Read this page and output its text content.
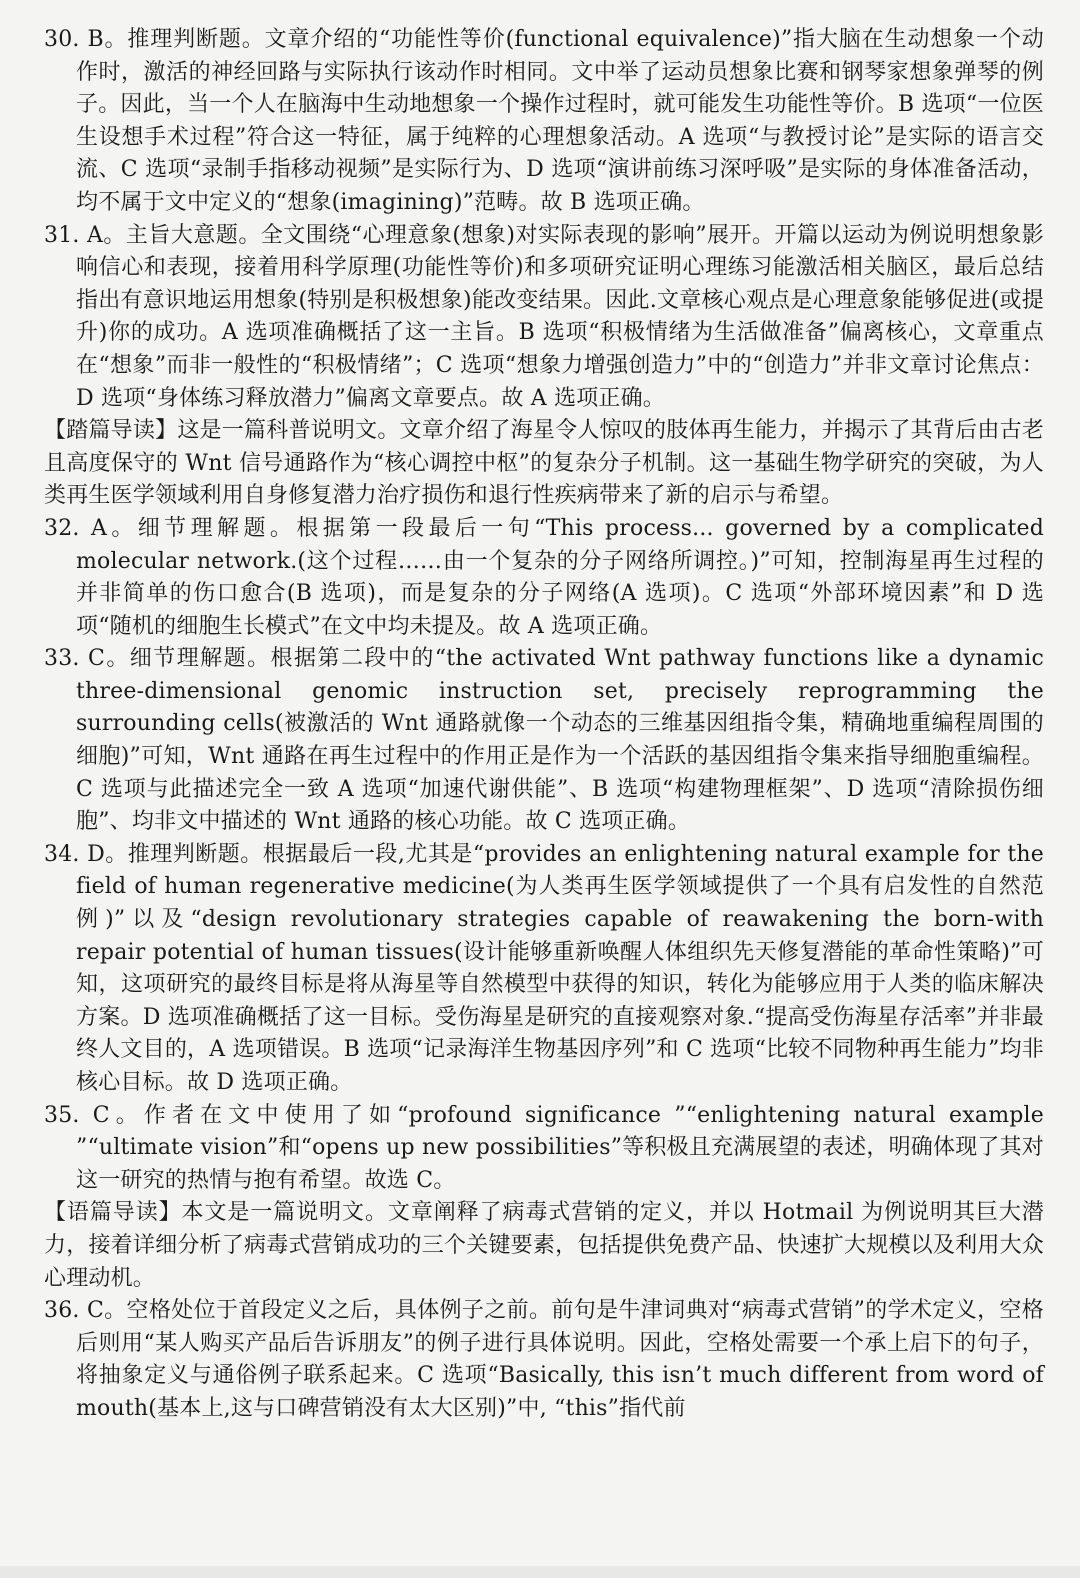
30. B。推理判断题。文章介绍的“功能性等价(functional equivalence)”指大脑在生动想象一个动作时，激活的神经回路与实际执行该动作时相同。文中举了运动员想象比赛和钢琴家想象弹琴的例子。因此，当一个人在脑海中生动地想象一个操作过程时，就可能发生功能性等价。B 选项“一位医生设想手术过程”符合这一特征，属于纯粹的心理想象活动。A 选项“与教授讨论”是实际的语言交流、C 选项“录制手指移动视频”是实际行为、D 选项“演讲前练习深呼吸”是实际的身体准备活动，均不属于文中定义的“想象(imagining)”范畴。故 B 选项正确。

31. A。主旨大意题。全文围绕“心理意象(想象)对实际表现的影响”展开。开篇以运动为例说明想象影响信心和表现，接着用科学原理(功能性等价)和多项研究证明心理练习能激活相关脑区，最后总结指出有意识地运用想象(特别是积极想象)能改变结果。因此.文章核心观点是心理意象能够促进(或提升)你的成功。A 选项准确概括了这一主旨。B 选项“积极情绪为生活做准备”偏离核心，文章重点在“想象”而非一般性的“积极情绪”；C 选项“想象力增强创造力”中的“创造力”并非文章讨论焦点：D 选项“身体练习释放潜力”偏离文章要点。故 A 选项正确。

【踏篇导读】这是一篇科普说明文。文章介绍了海星令人惊叹的肢体再生能力，并揭示了其背后由古老且高度保守的 Wnt 信号通路作为“核心调控中枢”的复杂分子机制。这一基础生物学研究的突破，为人类再生医学领域利用自身修复潜力治疗损伤和退行性疾病带来了新的启示与希望。

32. A。细节理解题。根据第一段最后一句“This process... governed by a complicated molecular network.(这个过程……由一个复杂的分子网络所调控。)”可知，控制海星再生过程的并非简单的伤口愈合(B 选项)，而是复杂的分子网络(A 选项)。C 选项“外部环境因素”和 D 选项“随机的细胞生长模式”在文中均未提及。故 A 选项正确。

33. C。细节理解题。根据第二段中的“the activated Wnt pathway functions like a dynamic three-dimensional genomic instruction set, precisely reprogramming the surrounding cells(被激活的 Wnt 通路就像一个动态的三维基因组指令集，精确地重编程周围的细胞)”可知，Wnt 通路在再生过程中的作用正是作为一个活跃的基因组指令集来指导细胞重编程。C 选项与此描述完全一致 A 选项“加速代谢供能”、B 选项“构建物理框架”、D 选项“清除损伤细胞”、均非文中描述的 Wnt 通路的核心功能。故 C 选项正确。

34. D。推理判断题。根据最后一段,尤其是“provides an enlightening natural example for the field of human regenerative medicine(为人类再生医学领域提供了一个具有启发性的自然范例)”以及“design revolutionary strategies capable of reawakening the born-with repair potential of human tissues(设计能够重新唤醒人体组织先天修复潜能的革命性策略)”可知，这项研究的最终目标是将从海星等自然模型中获得的知识，转化为能够应用于人类的临床解决方案。D 选项准确概括了这一目标。受伤海星是研究的直接观察对象.“提高受伤海星存活率”并非最终人文目的，A 选项错误。B 选项“记录海洋生物基因序列”和 C 选项“比较不同物种再生能力”均非核心目标。故 D 选项正确。

35. C。作者在文中使用了如“profound significance ”“enlightening natural example ”“ultimate vision”和“opens up new possibilities”等积极且充满展望的表述，明确体现了其对这一研究的热情与抱有希望。故选 C。

【语篇导读】本文是一篇说明文。文章阐释了病毒式营销的定义，并以 Hotmail 为例说明其巨大潜力，接着详细分析了病毒式营销成功的三个关键要素，包括提供免费产品、快速扩大规模以及利用大众心理动机。

36. C。空格处位于首段定义之后，具体例子之前。前句是牛津词典对“病毒式营销”的学术定义，空格后则用“某人购买产品后告诉朋友”的例子进行具体说明。因此，空格处需要一个承上启下的句子，将抽象定义与通俗例子联系起来。C 选项“Basically, this isn’t much different from word of mouth(基本上,这与口碑营销没有太大区别)”中, “this”指代前
